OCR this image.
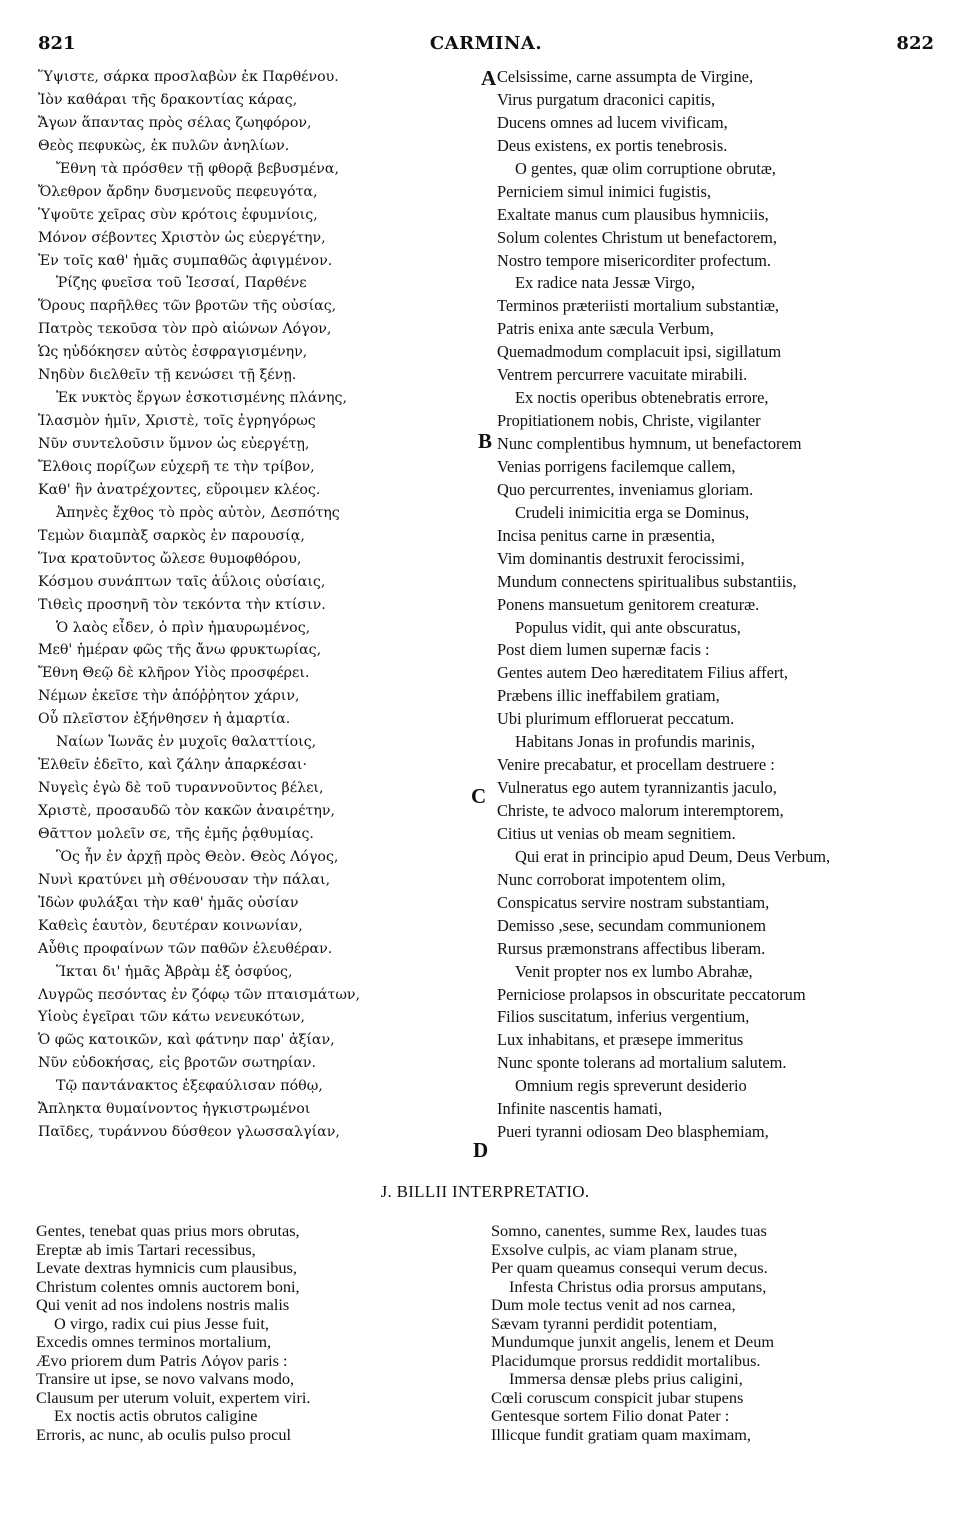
821	CARMINA.	822
Ὕψιστε, σάρκα προσλαβὼν ἐκ Παρθένου.
Ἰὸν καθάραι τῆς δρακοντίας κάρας,
Ἄγων ἅπαντας πρὸς σέλας ζωηφόρον,
Θεὸς πεφυκὼς, ἐκ πυλῶν ἀνηλίων.
Ἔθνη τὰ πρόσθεν τῇ φθορᾷ βεβυσμένα,
Ὄλεθρον ἄρδην δυσμενοῦς πεφευγότα,
Ὑψοῦτε χεῖρας σὺν κρότοις ἐφυμνίοις,
Μόνον σέβοντες Χριστὸν ὡς εὐεργέτην,
Ἐν τοῖς καθ' ἡμᾶς συμπαθῶς ἀφιγμένον.
Ῥίζης φυεῖσα τοῦ Ἰεσσαί, Παρθένε
Ὅρους παρῆλθες τῶν βροτῶν τῆς οὐσίας,
Πατρὸς τεκοῦσα τὸν πρὸ αἰώνων Λόγον,
Ὡς ηὐδόκησεν αὐτὸς ἐσφραγισμένην,
Νηδὺν διελθεῖν τῇ κενώσει τῇ ξένῃ.
Ἐκ νυκτὸς ἔργων ἐσκοτισμένης πλάνης,
Ἱλασμὸν ἡμῖν, Χριστὲ, τοῖς ἐγρηγόρως
Νῦν συντελοῦσιν ὕμνον ὡς εὐεργέτῃ,
Ἔλθοις πορίζων εὐχερῆ τε τὴν τρίβον,
Καθ' ἣν ἀνατρέχοντες, εὕροιμεν κλέος.
Ἀπηνὲς ἔχθος τὸ πρὸς αὐτὸν, Δεσπότης
Τεμὼν διαμπὰξ σαρκὸς ἐν παρουσίᾳ,
Ἵνα κρατοῦντος ὤλεσε θυμοφθόρου,
Κόσμου συνάπτων ταῖς ἀΰλοις οὐσίαις,
Τιθεὶς προσηνῆ τὸν τεκόντα τὴν κτίσιν.
Ὁ λαὸς εἶδεν, ὁ πρὶν ἠμαυρωμένος,
Μεθ' ἡμέραν φῶς τῆς ἄνω φρυκτωρίας,
Ἔθνη Θεῷ δὲ κλῆρον Υἱὸς προσφέρει.
Νέμων ἐκεῖσε τὴν ἀπόῤῥητον χάριν,
Οὗ πλεῖστον ἐξήνθησεν ἡ ἁμαρτία.
Ναίων Ἰωνᾶς ἐν μυχοῖς θαλαττίοις,
Ἐλθεῖν ἐδεῖτο, καὶ ζάλην ἀπαρκέσαι·
Νυγεὶς ἐγὼ δὲ τοῦ τυραννοῦντος βέλει,
Χριστὲ, προσαυδῶ τὸν κακῶν ἀναιρέτην,
Θᾶττον μολεῖν σε, τῆς ἐμῆς ῥᾳθυμίας.
Ὃς ἦν ἐν ἀρχῇ πρὸς Θεὸν. Θεὸς Λόγος,
Νυνὶ κρατύνει μὴ σθένουσαν τὴν πάλαι,
Ἰδὼν φυλάξαι τὴν καθ' ἡμᾶς οὐσίαν
Καθεὶς ἑαυτὸν, δευτέραν κοινωνίαν,
Αὖθις προφαίνων τῶν παθῶν ἐλευθέραν.
Ἵκται δι' ἡμᾶς Ἀβρὰμ ἐξ ὀσφύος,
Λυγρῶς πεσόντας ἐν ζόφῳ τῶν πταισμάτων,
Υἱοὺς ἐγεῖραι τῶν κάτω νενευκότων,
Ὁ φῶς κατοικῶν, καὶ φάτνην παρ' ἀξίαν,
Νῦν εὐδοκήσας, εἰς βροτῶν σωτηρίαν.
Τῷ παντάνακτος ἐξεφαύλισαν πόθῳ,
Ἄπληκτα θυμαίνοντος ἠγκιστρωμένοι
Παῖδες, τυράννου δύσθεον γλωσσαλγίαν,
Celsissime, carne assumpta de Virgine,
Virus purgatum draconici capitis,
Ducens omnes ad lucem vivificam,
Deus existens, ex portis tenebrosis.
O gentes, quæ olim corruptione obrutæ,
Perniciem simul inimici fugistis,
Exaltate manus cum plausibus hymniciis,
Solum colentes Christum ut benefactorem,
Nostro tempore misericorditer profectum.
Ex radice nata Jessæ Virgo,
Terminos præteriisti mortalium substantiæ,
Patris enixa ante sæcula Verbum,
Quemadmodum complacuit ipsi, sigillatum
Ventrem percurrere vacuitate mirabili.
Ex noctis operibus obtenebratis errore,
Propitiationem nobis, Christe, vigilanter
Nunc complentibus hymnum, ut benefactorem
Venias porrigens facilemque callem,
Quo percurrentes, inveniamus gloriam.
Crudeli inimicitia erga se Dominus,
Incisa penitus carne in præsentia,
Vim dominantis destruxit ferocissimi,
Mundum connectens spiritualibus substantiis,
Ponens mansuetum genitorem creaturæ.
Populus vidit, qui ante obscuratus,
Post diem lumen supernæ facis :
Gentes autem Deo hæreditatem Filius affert,
Præbens illic ineffabilem gratiam,
Ubi plurimum effloruerat peccatum.
Habitans Jonas in profundis marinis,
Venire precabatur, et procellam destruere :
Vulneratus ego autem tyrannizantis jaculo,
Christe, te advoco malorum interemptorem,
Citius ut venias ob meam segnitiem.
Qui erat in principio apud Deum, Deus Verbum,
Nunc corroborat impotentem olim,
Conspicatus servire nostram substantiam,
Demisso ,sese, secundam communionem
Rursus præmonstrans affectibus liberam.
Venit propter nos ex lumbo Abrahæ,
Perniciose prolapsos in obscuritate peccatorum
Filios suscitatum, inferius vergentium,
Lux inhabitans, et præsepe immeritus
Nunc sponte tolerans ad mortalium salutem.
Omnium regis spreverunt desiderio
Infinite nascentis hamati,
Pueri tyranni odiosam Deo blasphemiam,
A
B
C
D
J. BILLII INTERPRETATIO.
Gentes, tenebat quas prius mors obrutas,
Ereptæ ab imis Tartari recessibus,
Levate dextras hymnicis cum plausibus,
Christum colentes omnis auctorem boni,
Qui venit ad nos indolens nostris malis
O virgo, radix cui pius Jesse fuit,
Excedis omnes terminos mortalium,
Ævo priorem dum Patris Λόγον paris :
Transire ut ipse, se novo valvans modo,
Clausum per uterum voluit, expertem viri.
Ex noctis actis obrutos caligine
Erroris, ac nunc, ab oculis pulso procul
Somno, canentes, summe Rex, laudes tuas
Exsolve culpis, ac viam planam strue,
Per quam queamus consequi verum decus.
Infesta Christus odia prorsus amputans,
Dum mole tectus venit ad nos carnea,
Sævam tyranni perdidit potentiam,
Mundumque junxit angelis, lenem et Deum
Placidumque prorsus reddidit mortalibus.
Immersa densæ plebs prius caligini,
Cœli coruscum conspicit jubar stupens
Gentesque sortem Filio donat Pater :
Illicque fundit gratiam quam maximam,
